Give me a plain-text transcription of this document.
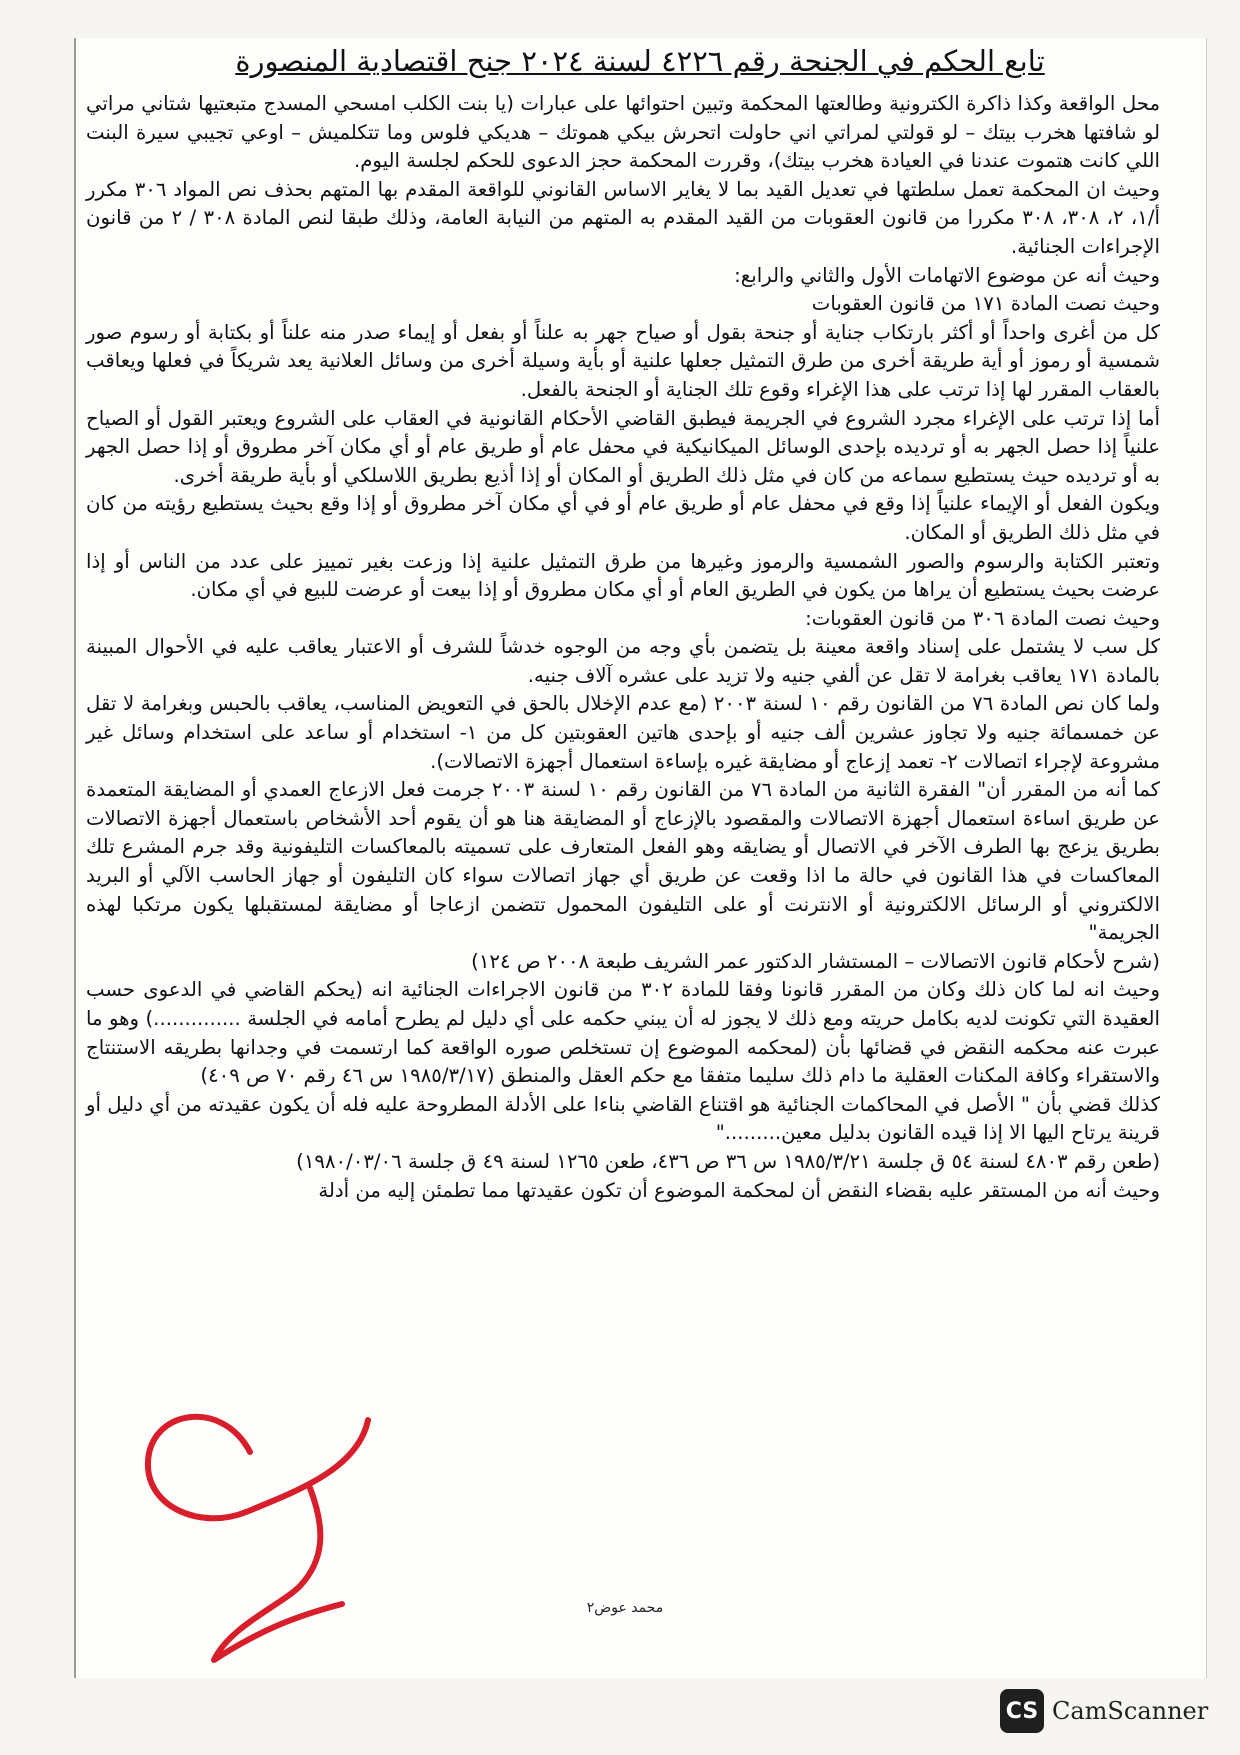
تابع الحكم في الجنحة رقم ٤٢٢٦ لسنة ٢٠٢٤ جنح اقتصادية المنصورة

محل الواقعة وكذا ذاكرة الكترونية وطالعتها المحكمة وتبين احتوائها على عبارات (يا بنت الكلب امسحي المسدج متبعتيها شتاني مراتي لو شافتها هخرب بيتك – لو قولتي لمراتي اني حاولت اتحرش بيكي هموتك – هديكي فلوس وما تتكلميش – اوعي تجيبي سيرة البنت اللي كانت هتموت عندنا في العيادة هخرب بيتك)، وقررت المحكمة حجز الدعوى للحكم لجلسة اليوم.

وحيث ان المحكمة تعمل سلطتها في تعديل القيد بما لا يغاير الاساس القانوني للواقعة المقدم بها المتهم بحذف نص المواد ٣٠٦ مكرر أ/١، ٢، ٣٠٨، ٣٠٨ مكررا من قانون العقوبات من القيد المقدم به المتهم من النيابة العامة، وذلك طبقا لنص المادة ٣٠٨ / ٢ من قانون الإجراءات الجنائية.

وحيث أنه عن موضوع الاتهامات الأول والثاني والرابع:

وحيث نصت المادة ١٧١ من قانون العقوبات

كل من أغرى واحداً أو أكثر بارتكاب جناية أو جنحة بقول أو صياح جهر به علناً أو بفعل أو إيماء صدر منه علناً أو بكتابة أو رسوم صور شمسية أو رموز أو أية طريقة أخرى من طرق التمثيل جعلها علنية أو بأية وسيلة أخرى من وسائل العلانية يعد شريكاً في فعلها ويعاقب بالعقاب المقرر لها إذا ترتب على هذا الإغراء وقوع تلك الجناية أو الجنحة بالفعل.

أما إذا ترتب على الإغراء مجرد الشروع في الجريمة فيطبق القاضي الأحكام القانونية في العقاب على الشروع ويعتبر القول أو الصياح علنياً إذا حصل الجهر به أو ترديده بإحدى الوسائل الميكانيكية في محفل عام أو طريق عام أو أي مكان آخر مطروق أو إذا حصل الجهر به أو ترديده حيث يستطيع سماعه من كان في مثل ذلك الطريق أو المكان أو إذا أذيع بطريق اللاسلكي أو بأية طريقة أخرى.

ويكون الفعل أو الإيماء علنياً إذا وقع في محفل عام أو طريق عام أو في أي مكان آخر مطروق أو إذا وقع بحيث يستطيع رؤيته من كان في مثل ذلك الطريق أو المكان.

وتعتبر الكتابة والرسوم والصور الشمسية والرموز وغيرها من طرق التمثيل علنية إذا وزعت بغير تمييز على عدد من الناس أو إذا عرضت بحيث يستطيع أن يراها من يكون في الطريق العام أو أي مكان مطروق أو إذا بيعت أو عرضت للبيع في أي مكان.

وحيث نصت المادة ٣٠٦ من قانون العقوبات:

كل سب لا يشتمل على إسناد واقعة معينة بل يتضمن بأي وجه من الوجوه خدشاً للشرف أو الاعتبار يعاقب عليه في الأحوال المبينة بالمادة ١٧١ يعاقب بغرامة لا تقل عن ألفي جنيه ولا تزيد على عشره آلاف جنيه.

ولما كان نص المادة ٧٦ من القانون رقم ١٠ لسنة ٢٠٠٣ (مع عدم الإخلال بالحق في التعويض المناسب، يعاقب بالحبس وبغرامة لا تقل عن خمسمائة جنيه ولا تجاوز عشرين ألف جنيه أو بإحدى هاتين العقوبتين كل من ١- استخدام أو ساعد على استخدام وسائل غير مشروعة لإجراء اتصالات ٢- تعمد إزعاج أو مضايقة غيره بإساءة استعمال أجهزة الاتصالات).

كما أنه من المقرر أن" الفقرة الثانية من المادة ٧٦ من القانون رقم ١٠ لسنة ٢٠٠٣ جرمت فعل الازعاج العمدي أو المضايقة المتعمدة عن طريق اساءة استعمال أجهزة الاتصالات والمقصود بالإزعاج أو المضايقة هنا هو أن يقوم أحد الأشخاص باستعمال أجهزة الاتصالات بطريق يزعج بها الطرف الآخر في الاتصال أو يضايقه وهو الفعل المتعارف على تسميته بالمعاكسات التليفونية وقد جرم المشرع تلك المعاكسات في هذا القانون في حالة ما اذا وقعت عن طريق أي جهاز اتصالات سواء كان التليفون أو جهاز الحاسب الآلي أو البريد الالكتروني أو الرسائل الالكترونية أو الانترنت أو على التليفون المحمول تتضمن ازعاجا أو مضايقة لمستقبلها يكون مرتكبا لهذه الجريمة"

(شرح لأحكام قانون الاتصالات – المستشار الدكتور عمر الشريف طبعة ٢٠٠٨ ص ١٢٤)

وحيث انه لما كان ذلك وكان من المقرر قانونا وفقا للمادة ٣٠٢ من قانون الاجراءات الجنائية انه (يحكم القاضي في الدعوى حسب العقيدة التي تكونت لديه بكامل حريته ومع ذلك لا يجوز له أن يبني حكمه على أي دليل لم يطرح أمامه في الجلسة ..............) وهو ما عبرت عنه محكمه النقض في قضائها بأن (لمحكمه الموضوع إن تستخلص صوره الواقعة كما ارتسمت في وجدانها بطريقه الاستنتاج والاستقراء وكافة المكنات العقلية ما دام ذلك سليما متفقا مع حكم العقل والمنطق (١٩٨٥/٣/١٧ س ٤٦ رقم ٧٠ ص ٤٠٩)

كذلك قضي بأن " الأصل في المحاكمات الجنائية هو اقتناع القاضي بناءا على الأدلة المطروحة عليه فله أن يكون عقيدته من أي دليل أو قرينة يرتاح اليها الا إذا قيده القانون بدليل معين........."

(طعن رقم ٤٨٠٣ لسنة ٥٤ ق جلسة ١٩٨٥/٣/٢١ س ٣٦ ص ٤٣٦، طعن ١٢٦٥ لسنة ٤٩ ق جلسة ١٩٨٠/٠٣/٠٦)

وحيث أنه من المستقر عليه بقضاء النقض أن لمحكمة الموضوع أن تكون عقيدتها مما تطمئن إليه من أدلة

محمد عوض٢
CS CamScanner
